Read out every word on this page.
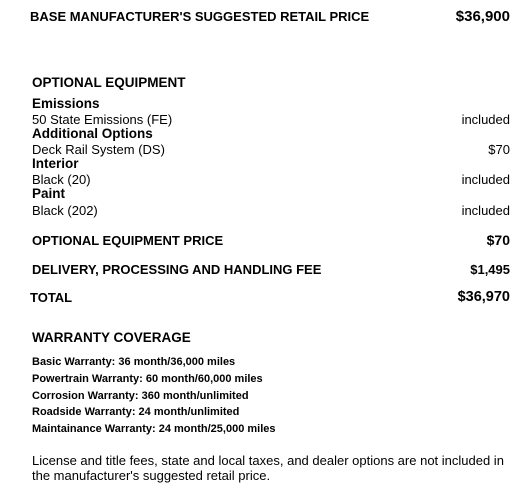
BASE MANUFACTURER'S SUGGESTED RETAIL PRICE	$36,900
OPTIONAL EQUIPMENT
Emissions
50 State Emissions (FE)	included
Additional Options
Deck Rail System (DS)	$70
Interior
Black (20)	included
Paint
Black (202)	included
OPTIONAL EQUIPMENT PRICE	$70
DELIVERY, PROCESSING AND HANDLING FEE	$1,495
TOTAL	$36,970
WARRANTY COVERAGE
Basic Warranty: 36 month/36,000 miles
Powertrain Warranty: 60 month/60,000 miles
Corrosion Warranty: 360 month/unlimited
Roadside Warranty: 24 month/unlimited
Maintainance Warranty: 24 month/25,000 miles
License and title fees, state and local taxes, and dealer options are not included in the manufacturer's suggested retail price.
